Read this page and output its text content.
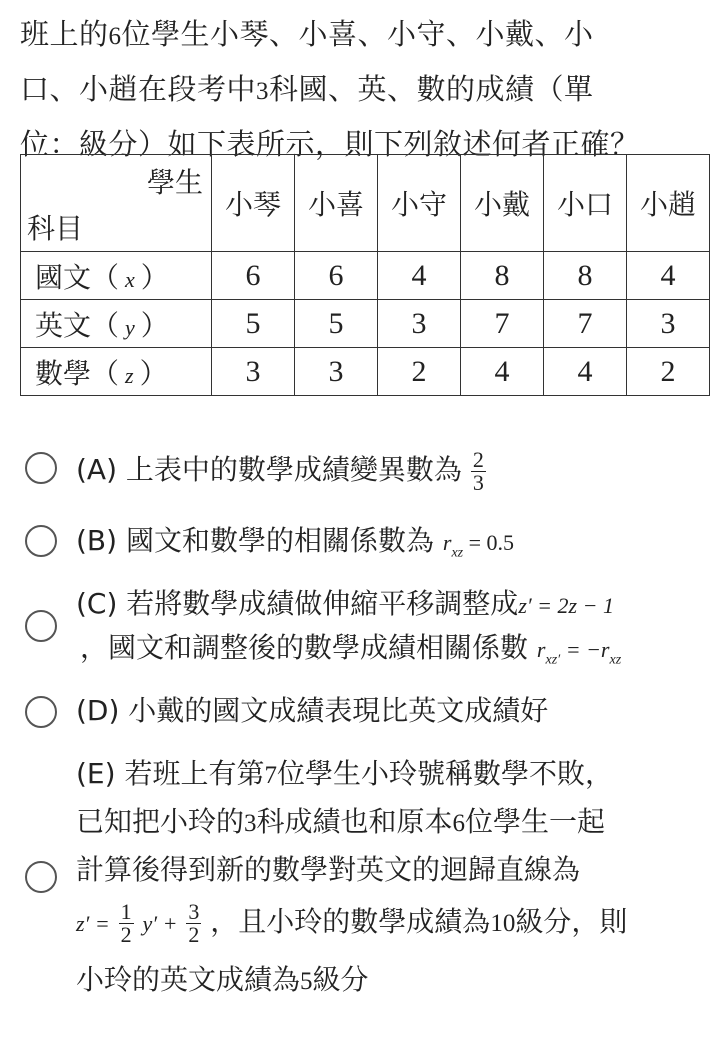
班上的6位學生小琴、小喜、小守、小戴、小
口、小趙在段考中3科國、英、數的成績（單
位：級分）如下表所示，則下列敘述何者正確？
學生
科目	小琴	小喜	小守	小戴	小口	小趙
國文（ x ）	6	6	4	8	8	4
英文（ y ）	5	5	3	7	7	3
數學（ z ）	3	3	2	4	4	2
(A) 上表中的數學成績變異數為 $\frac{2}{3}$
(B) 國文和數學的相關係數為 $r_{xz} = 0.5$
(C) 若將數學成績做伸縮平移調整成z′ = 2z − 1
，國文和調整後的數學成績相關係數 $r_{xz'} = -r_{xz}$
(D) 小戴的國文成績表現比英文成績好
(E) 若班上有第7位學生小玲號稱數學不敗，
已知把小玲的3科成績也和原本6位學生一起
計算後得到新的數學對英文的迴歸直線為
$z' = \frac{1}{2} y' + \frac{3}{2}$ ，且小玲的數學成績為10級分，則
小玲的英文成績為5級分
